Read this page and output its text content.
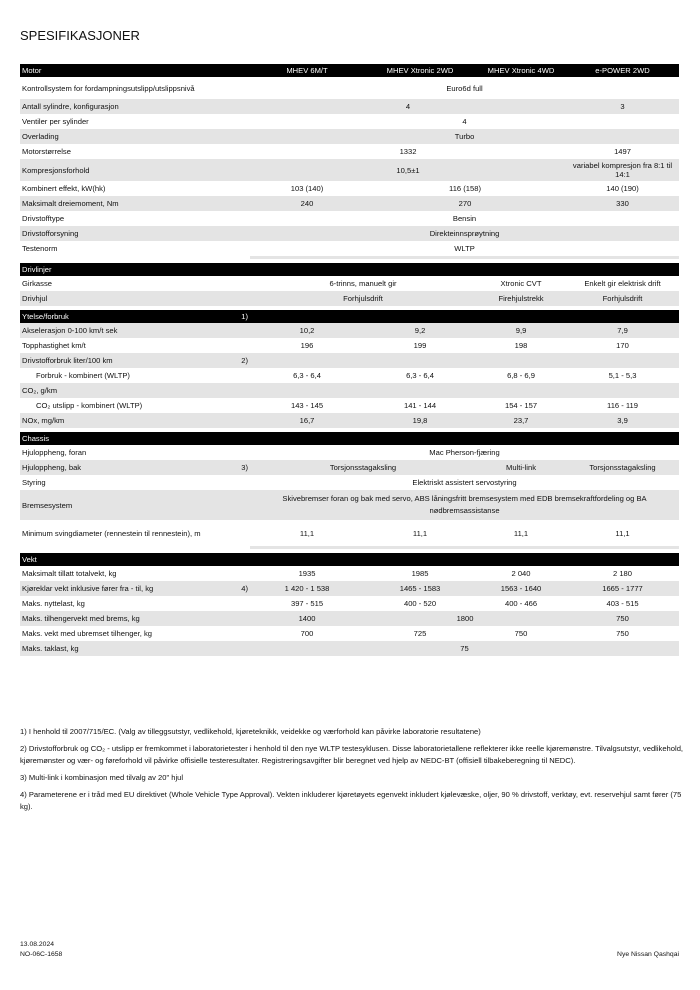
SPESIFIKASJONER
Motor		MHEV 6M/T	MHEV Xtronic 2WD	MHEV Xtronic 4WD	e-POWER 2WD
Kontrollsystem for fordampningsutslipp/utslippsnivå		Euro6d full			
Antall sylindre, konfigurasjon		4			3
Ventiler per sylinder		4			
Overlading		Turbo			
Motorstørrelse		1332			1497
Kompresjonsforhold		10,5±1			variabel kompresjon fra 8:1 til 14:1
Kombinert effekt, kW(hk)		103 (140)	116 (158)		140 (190)
Maksimalt dreiemoment, Nm		240	270		330
Drivstofftype		Bensin			
Drivstofforsyning		Direkteinnsprøytning			
Testenorm		WLTP			

Drivlinjer					
Girkasse		6-trinns, manuelt gir		Xtronic CVT	Enkelt gir elektrisk drift
Drivhjul		Forhjulsdrift		Firehjulstrekk	Forhjulsdrift

Ytelse/forbruk	1)				
Akselerasjon 0-100 km/t sek		10,2	9,2	9,9	7,9
Topphastighet km/t		196	199	198	170
Drivstofforbruk liter/100 km	2)				
Forbruk - kombinert (WLTP)		6,3 - 6,4	6,3 - 6,4	6,8 - 6,9	5,1 - 5,3
CO₂, g/km					
CO₂ utslipp - kombinert (WLTP)		143 - 145	141 - 144	154 - 157	116 - 119
NOx, mg/km		16,7	19,8	23,7	3,9

Chassis					
Hjuloppheng, foran		Mac Pherson-fjæring			
Hjuloppheng, bak	3)	Torsjonsstagaksling		Multi-link	Torsjonsstagaksling
Styring		Elektriskt assistert servostyring			
Bremsesystem		Skivebremser foran og bak med servo, ABS låningsfritt bremsesystem med EDB bremsekraftfordeling og BA nødbremsassistanse			
Minimum svingdiameter (rennestein til rennestein), m		11,1	11,1	11,1	11,1

Vekt					
Maksimalt tillatt totalvekt, kg		1935	1985	2 040	2 180
Kjøreklar vekt inklusive fører fra - til, kg	4)	1 420 - 1 538	1465 - 1583	1563 - 1640	1665 - 1777
Maks. nyttelast, kg		397 - 515	400 - 520	400 - 466	403 - 515
Maks. tilhengervekt med brems, kg		1400	1800		750
Maks. vekt med ubremset tilhenger, kg		700	725	750	750
Maks. taklast, kg		75			

1) I henhold til 2007/715/EC. (Valg av tilleggsutstyr, vedlikehold, kjøreteknikk, veidekke og værforhold kan påvirke laboratorie resultatene)

2) Drivstofforbruk og CO₂ - utslipp er fremkommet i laboratorietester i henhold til den nye WLTP testesyklusen. Disse laboratorietallene reflekterer ikke reelle kjøremønstre. Tilvalgsutstyr, vedlikehold, kjøremønster og vær- og føreforhold vil påvirke offisielle testeresultater. Registreringsavgifter blir beregnet ved hjelp av NEDC-BT (offisiell tilbakeberegning til NEDC).

3) Multi-link i kombinasjon med tilvalg av 20" hjul

4) Parameterene er i tråd med EU direktivet (Whole Vehicle Type Approval). Vekten inkluderer kjøretøyets egenvekt inkludert kjølevæske, oljer, 90 % drivstoff, verktøy, evt. reservehjul samt fører (75 kg).

13.08.2024
NO-06C-1658	Nye Nissan Qashqai
